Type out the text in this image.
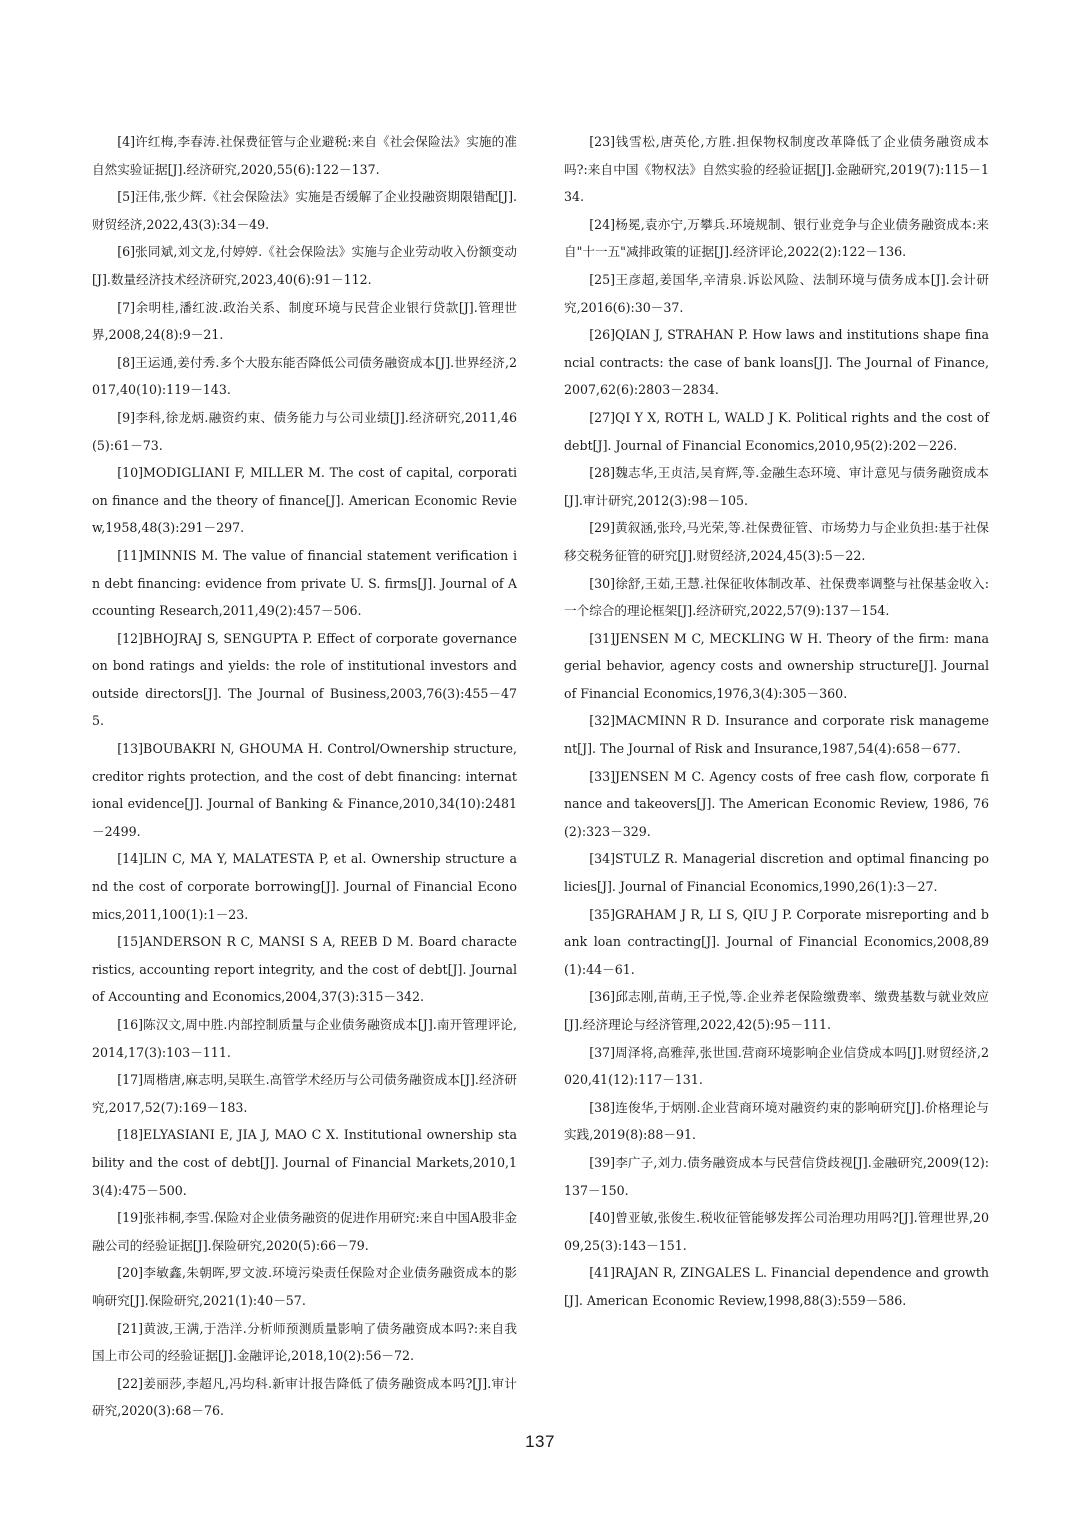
[4]许红梅,李春涛.社保费征管与企业避税:来自《社会保险法》实施的准自然实验证据[J].经济研究,2020,55(6):122－137.

[5]汪伟,张少辉.《社会保险法》实施是否缓解了企业投融资期限错配[J].财贸经济,2022,43(3):34－49.

[6]张同斌,刘文龙,付婷婷.《社会保险法》实施与企业劳动收入份额变动[J].数量经济技术经济研究,2023,40(6):91－112.

[7]余明桂,潘红波.政治关系、制度环境与民营企业银行贷款[J].管理世界,2008,24(8):9－21.

[8]王运通,姜付秀.多个大股东能否降低公司债务融资成本[J].世界经济,2017,40(10):119－143.

[9]李科,徐龙炳.融资约束、债务能力与公司业绩[J].经济研究,2011,46(5):61－73.

[10]MODIGLIANI F, MILLER M. The cost of capital, corporation finance and the theory of finance[J]. American Economic Review,1958,48(3):291－297.

[11]MINNIS M. The value of financial statement verification in debt financing: evidence from private U. S. firms[J]. Journal of Accounting Research,2011,49(2):457－506.

[12]BHOJRAJ S, SENGUPTA P. Effect of corporate governance on bond ratings and yields: the role of institutional investors and outside directors[J]. The Journal of Business,2003,76(3):455－475.

[13]BOUBAKRI N, GHOUMA H. Control/Ownership structure, creditor rights protection, and the cost of debt financing: international evidence[J]. Journal of Banking & Finance,2010,34(10):2481－2499.

[14]LIN C, MA Y, MALATESTA P, et al. Ownership structure and the cost of corporate borrowing[J]. Journal of Financial Economics,2011,100(1):1－23.

[15]ANDERSON R C, MANSI S A, REEB D M. Board characteristics, accounting report integrity, and the cost of debt[J]. Journal of Accounting and Economics,2004,37(3):315－342.

[16]陈汉文,周中胜.内部控制质量与企业债务融资成本[J].南开管理评论,2014,17(3):103－111.

[17]周楷唐,麻志明,吴联生.高管学术经历与公司债务融资成本[J].经济研究,2017,52(7):169－183.

[18]ELYASIANI E, JIA J, MAO C X. Institutional ownership stability and the cost of debt[J]. Journal of Financial Markets,2010,13(4):475－500.

[19]张祎桐,李雪.保险对企业债务融资的促进作用研究:来自中国A股非金融公司的经验证据[J].保险研究,2020(5):66－79.

[20]李敏鑫,朱朝晖,罗文波.环境污染责任保险对企业债务融资成本的影响研究[J].保险研究,2021(1):40－57.

[21]黄波,王满,于浩洋.分析师预测质量影响了债务融资成本吗?:来自我国上市公司的经验证据[J].金融评论,2018,10(2):56－72.

[22]姜丽莎,李超凡,冯均科.新审计报告降低了债务融资成本吗?[J].审计研究,2020(3):68－76.

[23]钱雪松,唐英伦,方胜.担保物权制度改革降低了企业债务融资成本吗?:来自中国《物权法》自然实验的经验证据[J].金融研究,2019(7):115－134.

[24]杨冕,袁亦宁,万攀兵.环境规制、银行业竞争与企业债务融资成本:来自"十一五"减排政策的证据[J].经济评论,2022(2):122－136.

[25]王彦超,姜国华,辛清泉.诉讼风险、法制环境与债务成本[J].会计研究,2016(6):30－37.

[26]QIAN J, STRAHAN P. How laws and institutions shape financial contracts: the case of bank loans[J]. The Journal of Finance,2007,62(6):2803－2834.

[27]QI Y X, ROTH L, WALD J K. Political rights and the cost of debt[J]. Journal of Financial Economics,2010,95(2):202－226.

[28]魏志华,王贞洁,吴育辉,等.金融生态环境、审计意见与债务融资成本[J].审计研究,2012(3):98－105.

[29]黄叙涵,张玲,马光荣,等.社保费征管、市场势力与企业负担:基于社保移交税务征管的研究[J].财贸经济,2024,45(3):5－22.

[30]徐舒,王茹,王慧.社保征收体制改革、社保费率调整与社保基金收入:一个综合的理论框架[J].经济研究,2022,57(9):137－154.

[31]JENSEN M C, MECKLING W H. Theory of the firm: managerial behavior, agency costs and ownership structure[J]. Journal of Financial Economics,1976,3(4):305－360.

[32]MACMINN R D. Insurance and corporate risk management[J]. The Journal of Risk and Insurance,1987,54(4):658－677.

[33]JENSEN M C. Agency costs of free cash flow, corporate finance and takeovers[J]. The American Economic Review, 1986, 76(2):323－329.

[34]STULZ R. Managerial discretion and optimal financing policies[J]. Journal of Financial Economics,1990,26(1):3－27.

[35]GRAHAM J R, LI S, QIU J P. Corporate misreporting and bank loan contracting[J]. Journal of Financial Economics,2008,89(1):44－61.

[36]邱志刚,苗萌,王子悦,等.企业养老保险缴费率、缴费基数与就业效应[J].经济理论与经济管理,2022,42(5):95－111.

[37]周泽将,高雅萍,张世国.营商环境影响企业信贷成本吗[J].财贸经济,2020,41(12):117－131.

[38]连俊华,于炳刚.企业营商环境对融资约束的影响研究[J].价格理论与实践,2019(8):88－91.

[39]李广子,刘力.债务融资成本与民营信贷歧视[J].金融研究,2009(12):137－150.

[40]曾亚敏,张俊生.税收征管能够发挥公司治理功用吗?[J].管理世界,2009,25(3):143－151.

[41]RAJAN R, ZINGALES L. Financial dependence and growth[J]. American Economic Review,1998,88(3):559－586.

137
